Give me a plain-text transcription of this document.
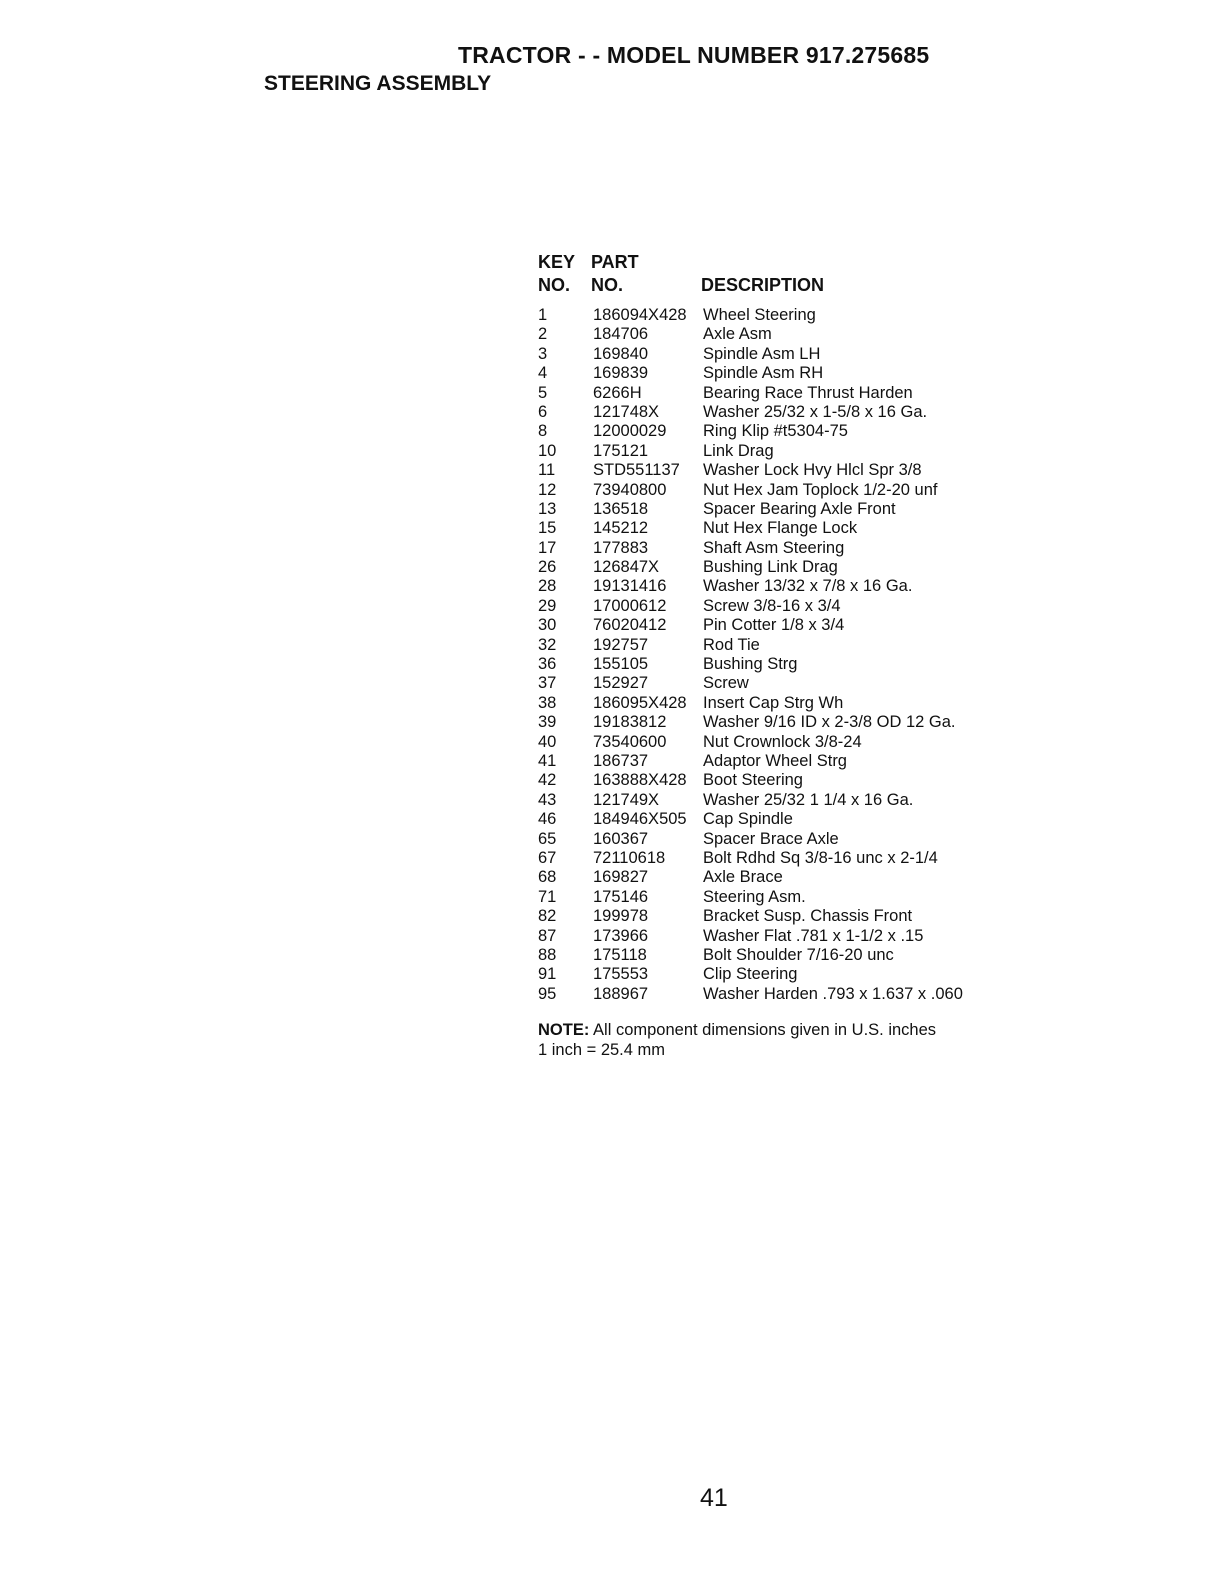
TRACTOR - - MODEL NUMBER 917.275685
STEERING ASSEMBLY
KEY
NO.
PART
NO.	DESCRIPTION
1	186094X428 Wheel Steering
2	184706	Axle Asm
3	169840	Spindle Asm LH
4	169839	Spindle Asm RH
5	6266H	Bearing Race Thrust Harden
6	121748X	Washer 25/32 x 1-5/8 x 16 Ga.
8	12000029 Ring Klip #t5304-75
10 175121	Link Drag
11 STD551137 Washer Lock Hvy Hlcl Spr 3/8
12 73940800 Nut Hex Jam Toplock 1/2-20 unf
13 136518	Spacer Bearing Axle Front
15 145212	Nut Hex Flange Lock
17 177883	Shaft Asm Steering
26 126847X	Bushing Link Drag
28 19131416 Washer 13/32 x 7/8 x 16 Ga.
29 17000612 Screw 3/8-16 x 3/4
30 76020412 Pin Cotter 1/8 x 3/4
32 192757	Rod Tie
36 155105	Bushing Strg
37 152927	Screw
38 186095X428 Insert Cap Strg Wh
39 19183812 Washer 9/16 ID x 2-3/8 OD 12 Ga.
40 73540600 Nut Crownlock 3/8-24
41 186737	Adaptor Wheel Strg
42 163888X428 Boot Steering
43 121749X	Washer 25/32 1 1/4 x 16 Ga.
46 184946X505 Cap Spindle
65 160367	Spacer Brace Axle
67 72110618 Bolt Rdhd Sq 3/8-16 unc x 2-1/4
68 169827	Axle Brace
71 175146	Steering Asm.
82 199978	Bracket Susp. Chassis Front
87 173966	Washer Flat .781 x 1-1/2 x .15
88 175118	Bolt Shoulder 7/16-20 unc
91 175553	Clip Steering
95 188967	Washer Harden .793 x 1.637 x .060
NOTE: All component dimensions given in U.S. inches
1 inch = 25.4 mm
41
